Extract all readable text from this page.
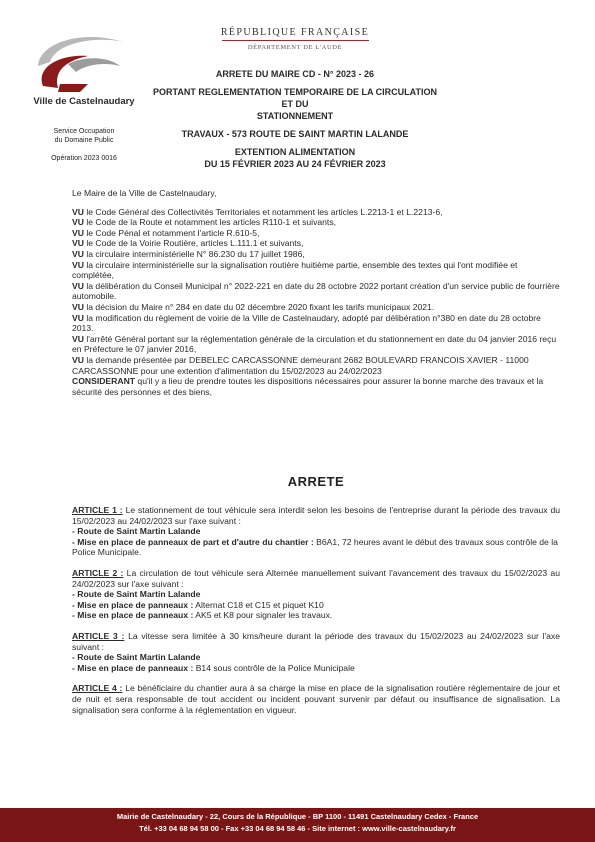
Ville de Castelnaudary
Service Occupation
du Domaine Public
Opération 2023 0016
RÉPUBLIQUE FRANÇAISE
DÉPARTEMENT DE L'AUDE

ARRETE DU MAIRE CD - N° 2023 - 26

PORTANT REGLEMENTATION TEMPORAIRE DE LA CIRCULATION ET DU

STATIONNEMENT

TRAVAUX - 573 ROUTE DE SAINT MARTIN LALANDE

EXTENTION ALIMENTATION

DU 15 FÉVRIER 2023 AU 24 FÉVRIER 2023

Le Maire de la Ville de Castelnaudary,

VU le Code Général des Collectivités Territoriales et notamment les articles L.2213-1 et L.2213-6,

VU le Code de la Route et notamment les articles R110-1 et suivants,

VU le Code Pénal et notamment l'article R.610-5,

VU le Code de la Voirie Routière, articles L.111.1 et suivants,

VU la circulaire interministérielle N° 86.230 du 17 juillet 1986,

VU la circulaire interministérielle sur la signalisation routière huitième partie, ensemble des textes qui l'ont modifiée et complétée,

VU la délibération du Conseil Municipal n° 2022-221 en date du 28 octobre 2022 portant création d'un service public de fourrière automobile.

VU la décision du Maire n° 284 en date du 02 décembre 2020 fixant les tarifs municipaux 2021.

VU la modification du règlement de voirie de la Ville de Castelnaudary, adopté par délibération n°380 en date du 28 octobre 2013.

VU l'arrêté Général portant sur la réglementation générale de la circulation et du stationnement en date du 04 janvier 2016 reçu en Préfecture le 07 janvier 2016,

VU la demande présentée par DEBELEC CARCASSONNE demeurant 2682 BOULEVARD FRANCOIS XAVIER - 11000 CARCASSONNE pour une extention d'alimentation du 15/02/2023 au 24/02/2023

CONSIDERANT qu'il y a lieu de prendre toutes les dispositions nécessaires pour assurer la bonne marche des travaux et la sécurité des personnes et des biens,

ARRETE

ARTICLE 1 : Le stationnement de tout véhicule sera interdit selon les besoins de l'entreprise durant la période des travaux du 15/02/2023 au 24/02/2023 sur l'axe suivant :

- Route de Saint Martin Lalande

- Mise en place de panneaux de part et d'autre du chantier : B6A1, 72 heures avant le début des travaux sous contrôle de la Police Municipale.

ARTICLE 2 : La circulation de tout véhicule sera Alternée manuellement suivant l'avancement des travaux du 15/02/2023 au 24/02/2023 sur l'axe suivant :

- Route de Saint Martin Lalande

- Mise en place de panneaux : Alternat C18 et C15 et piquet K10

- Mise en place de panneaux : AK5 et K8 pour signaler les travaux.

ARTICLE 3 : La vitesse sera limitée à 30 kms/heure durant la période des travaux du 15/02/2023 au 24/02/2023 sur l'axe suivant :

- Route de Saint Martin Lalande

- Mise en place de panneaux : B14 sous contrôle de la Police Municipale

ARTICLE 4 : Le bénéficiaire du chantier aura à sa charge la mise en place de la signalisation routière réglementaire de jour et de nuit et sera responsable de tout accident ou incident pouvant survenir par défaut ou insuffisance de signalisation. La signalisation sera conforme à la réglementation en vigueur.

Mairie de Castelnaudary - 22, Cours de la République - BP 1100 - 11491 Castelnaudary Cedex - France
Tél. +33 04 68 94 58 00 - Fax +33 04 68 94 58 46 - Site internet : www.ville-castelnaudary.fr
